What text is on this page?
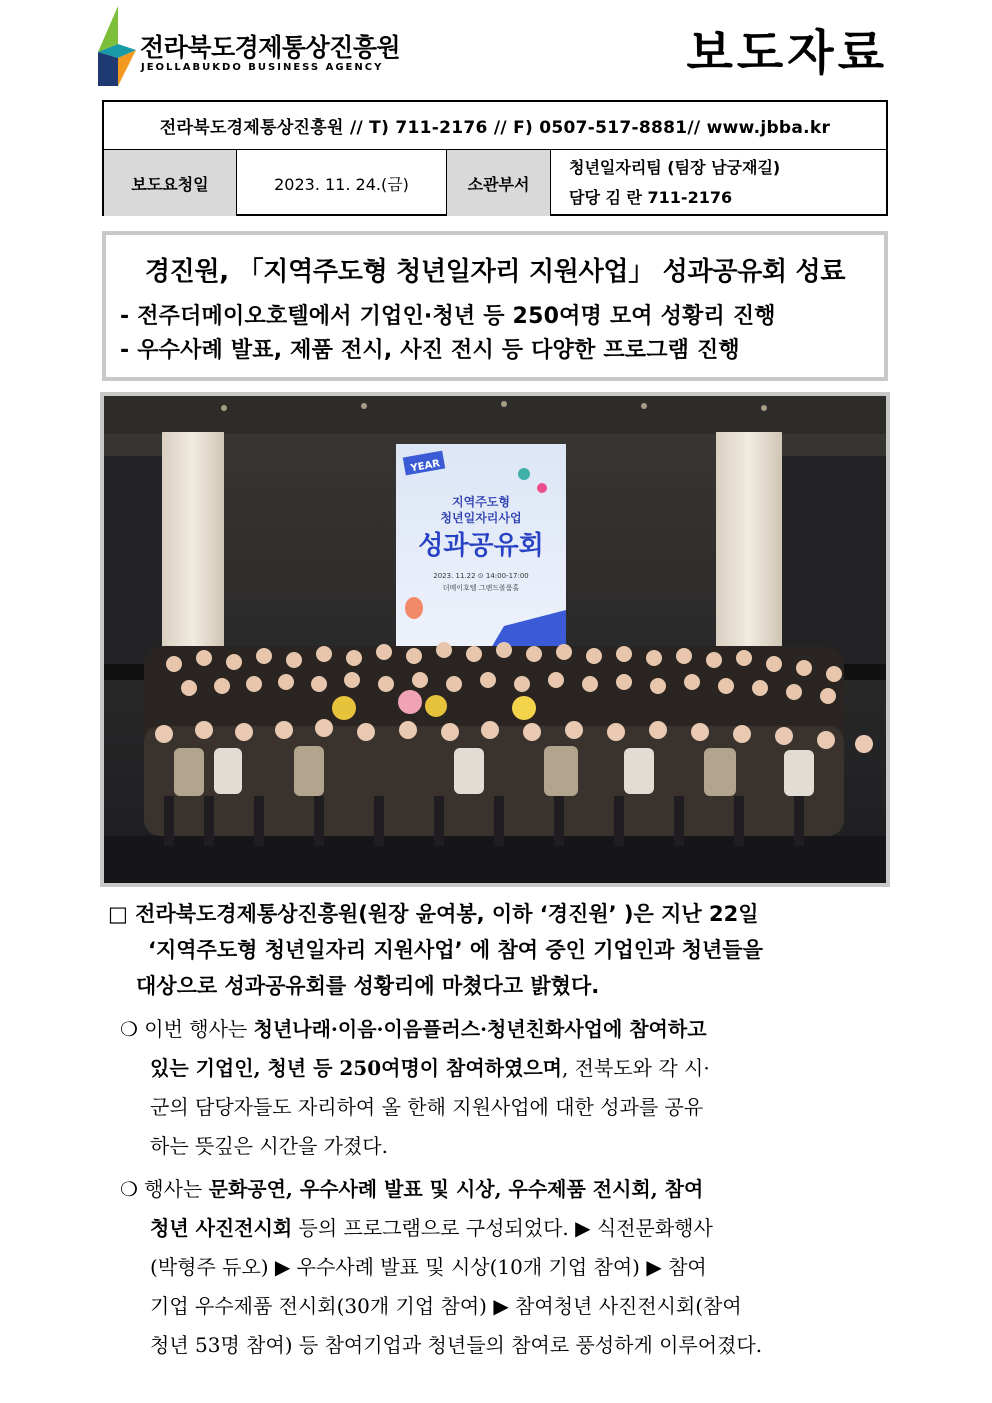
전라북도경제통상진흥원
JEOLLABUKDO BUSINESS AGENCY	보도자료
전라북도경제통상진흥원 // T) 711-2176 // F) 0507-517-8881// www.jbba.kr
보도요청일	2023. 11. 24.(금)	소관부서
청년일자리팀 (팀장 남궁재길)
담당 김 란 711-2176
경진원, 「지역주도형 청년일자리 지원사업」 성과공유회 성료
- 전주더메이오호텔에서 기업인·청년 등 250여명 모여 성황리 진행
- 우수사례 발표, 제품 전시, 사진 전시 등 다양한 프로그램 진행
YEAR
지역주도형
청년일자리사업
성과공유회
2023. 11.22 ⊙ 14:00-17:00
더메이호텔 그랜드볼룸홀
□ 전라북도경제통상진흥원(원장 윤여봉, 이하 ‘경진원’ )은 지난 22일
‘지역주도형 청년일자리 지원사업’ 에 참여 중인 기업인과 청년들을
대상으로 성과공유회를 성황리에 마쳤다고 밝혔다.
❍ 이번 행사는 청년나래·이음·이음플러스·청년친화사업에 참여하고
있는 기업인, 청년 등 250여명이 참여하였으며, 전북도와 각 시·
군의 담당자들도 자리하여 올 한해 지원사업에 대한 성과를 공유
하는 뜻깊은 시간을 가졌다.
❍ 행사는 문화공연, 우수사례 발표 및 시상, 우수제품 전시회, 참여
청년 사진전시회 등의 프로그램으로 구성되었다. ▶ 식전문화행사
(박형주 듀오) ▶ 우수사례 발표 및 시상(10개 기업 참여) ▶ 참여
기업 우수제품 전시회(30개 기업 참여) ▶ 참여청년 사진전시회(참여
청년 53명 참여) 등 참여기업과 청년들의 참여로 풍성하게 이루어졌다.
